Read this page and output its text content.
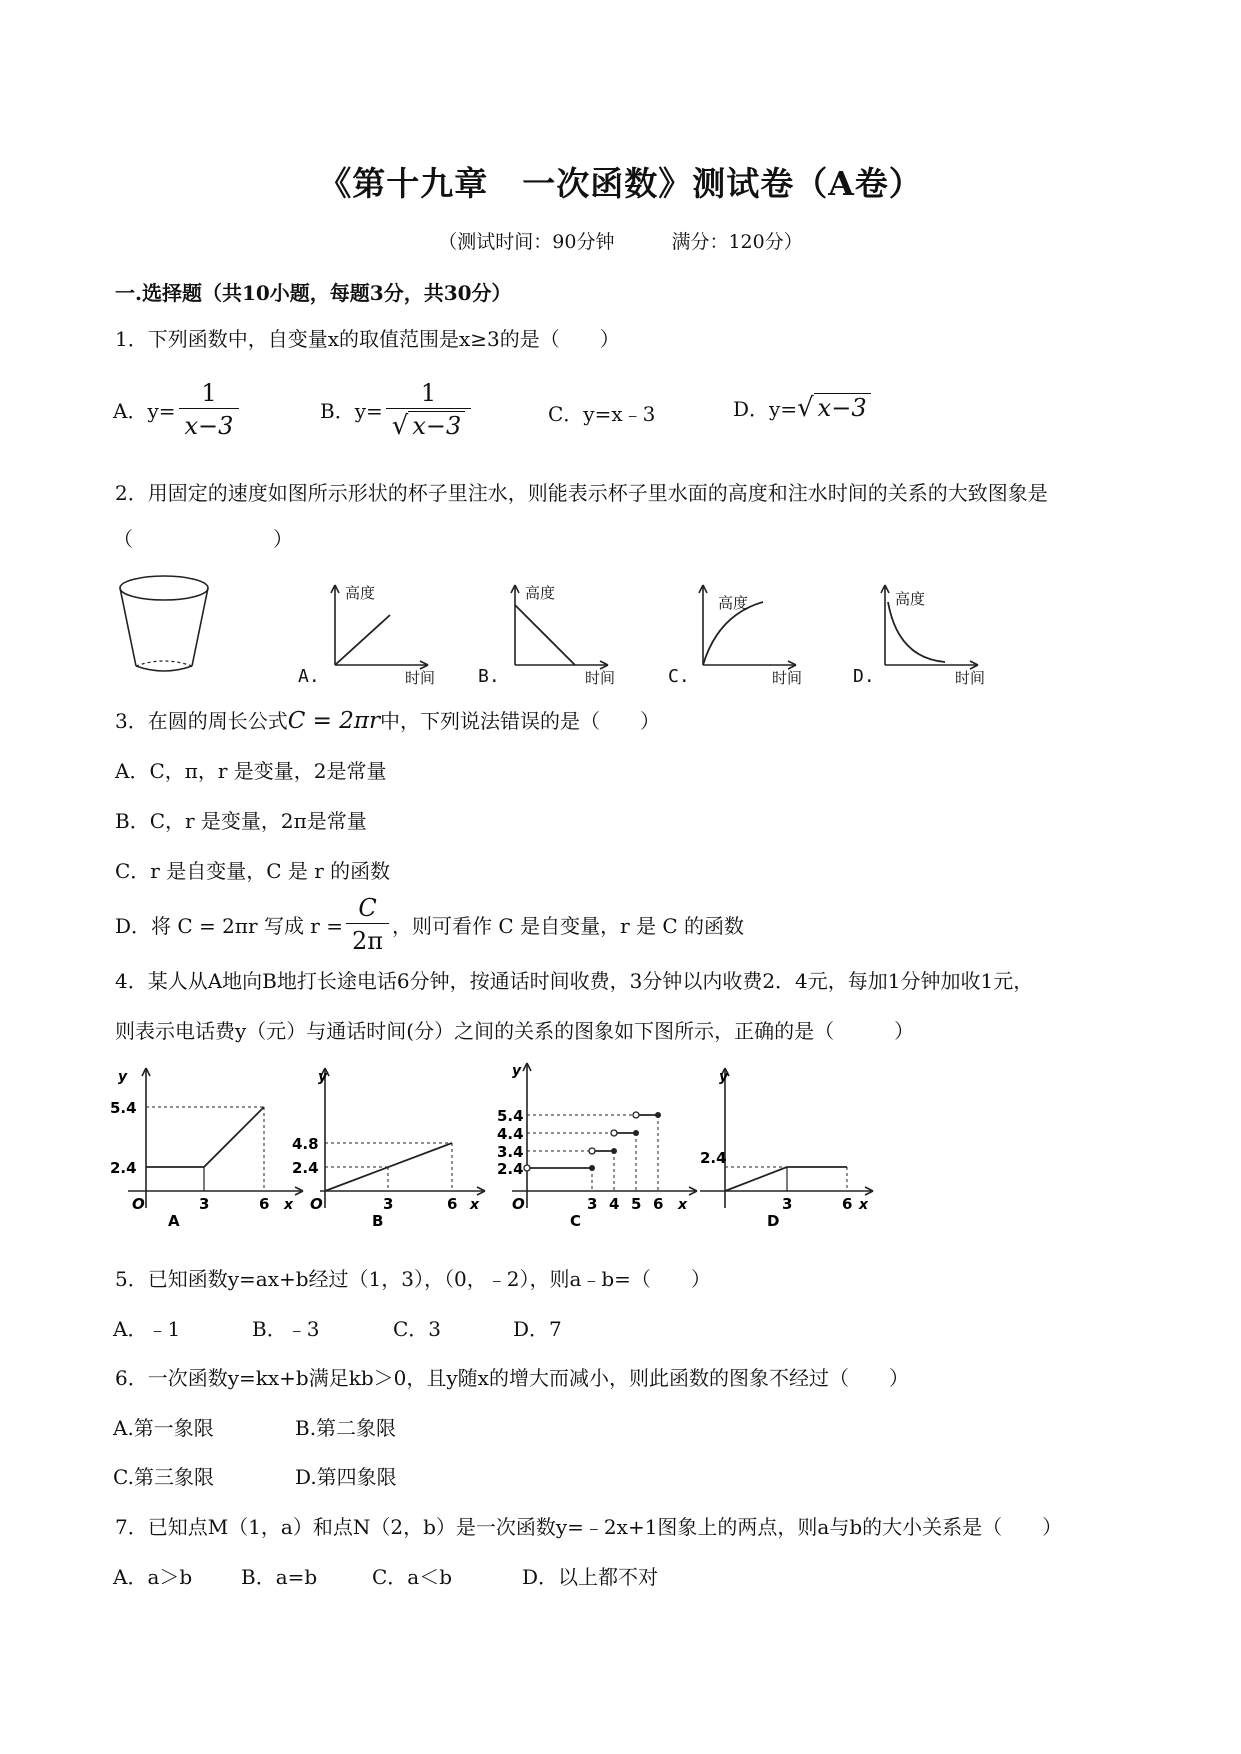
《第十九章　一次函数》测试卷（A卷）
（测试时间：90分钟　　　满分：120分）
一.选择题（共10小题，每题3分，共30分）
1．下列函数中，自变量x的取值范围是x≥3的是（　　）
A．$y= \frac{1}{x-3}$	B．$y= \frac{1}{√ x-3}$	C．y=x﹣3	D．y=√ x−3
2．用固定的速度如图所示形状的杯子里注水，则能表示杯子里水面的高度和注水时间的关系的大致图象是
（　　　　　　　）
高度
时间
A.
高度
时间
B.
高度
时间
C.
高度
时间
D.
3．在圆的周长公式C = 2πr中，下列说法错误的是（　　）
A．C，π，r 是变量，2是常量
B．C，r 是变量，2π是常量
C．r 是自变量，C 是 r 的函数
D．将 C = 2πr 写成 $r = \frac{C}{2\pi}$ ，则可看作 C 是自变量，r 是 C 的函数
4．某人从A地向B地打长途电话6分钟，按通话时间收费，3分钟以内收费2．4元，每加1分钟加收1元，
则表示电话费y（元）与通话时间(分）之间的关系的图象如下图所示，正确的是（　　　）
y
5.4
2.4
O	3	6 x
A
y
4.8
2.4
O	3	6 x
B
y
5.4
4.4
3.4
2.4
O	3 4 5 6 x
C
y
2.4
3	6 x
D
5．已知函数y=ax+b经过（1，3），（0，﹣2），则a﹣b=（　　）
A．﹣1	B．﹣3	C．3	D．7
6．一次函数y=kx+b满足kb＞0，且y随x的增大而减小，则此函数的图象不经过（　　）
A.第一象限	B.第二象限
C.第三象限	D.第四象限
7．已知点M（1，a）和点N（2，b）是一次函数y=﹣2x+1图象上的两点，则a与b的大小关系是（　　）
A．a＞b B．a=b	C．a＜b	D．以上都不对
